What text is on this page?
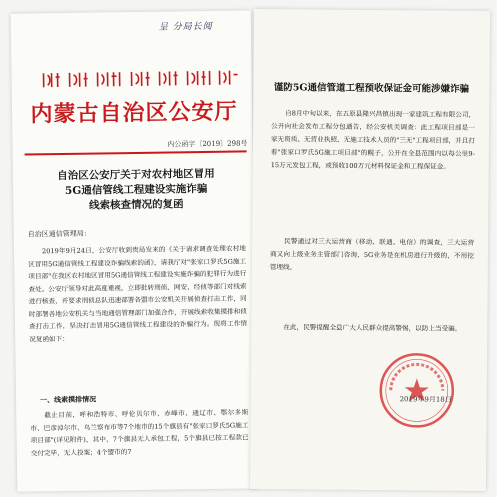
呈 分局长阅
内蒙古自治区公安厅
内公函字〔2019〕298号
自治区公安厅关于对农村地区冒用
5G通信管线工程建设实施诈骗
线索核查情况的复函
自治区通信管理局：

2019年9月24日，公安厅收到贵局发来的《关于请求调查处理农村地区冒用5G通信管线工程建设诈骗线索的函》，请我厅对"张家口罗氏5G施工项目部"在我区农村地区冒用5G通信管线工程建设实施诈骗的犯罪行为进行查处。公安厅领导对此高度重视，立即批转刑侦、网安、经侦等部门对线索进行核查，并要求刑侦总队迅速部署各盟市公安机关开展侦查打击工作，同时部署各地公安机关与当地通信管理部门加强合作，开展线索收集摸排和侦查打击工作，坚决打击冒用5G通信管线工程建设的诈骗行为。现将工作情况复函如下：

一、线索摸排情况

截止目前，呼和浩特市、呼伦贝尔市、赤峰市、通辽市、鄂尔多斯市、巴彦淖尔市、乌兰察布市等7个地市的15个旗县有"张家口罗氏5G施工项目部"(详见附件)，其中，7个旗县无人承包工程，5个旗县已按工程款已交付完毕，无人投案；4个盟市的7

谨防5G通信管道工程预收保证金可能涉嫌诈骗

自8月中旬以来，在五原县隆兴昌镇出现一家建筑工程有限公司，公开向社会发布工程分包通告，经公安机关调查：此工程项目部是一家无资质、无营业执照、无施工技术人员的"三无"工程项目部，并且打着"张家口罗氏5G施工项目部"的幌子，公开在全县范围内以每公里9-15万元发包工程，或预收100万元材料保证金和工程保证金。

民警通过对三大运营商（移动、联通、电信）的调查，三大运营商又向上级业务主管部门咨询，5G业务是在机房进行升级的，不用挖管埋线。

在此，民警提醒全县广大人民群众提高警惕，以防上当受骗。

2019年9月18日
